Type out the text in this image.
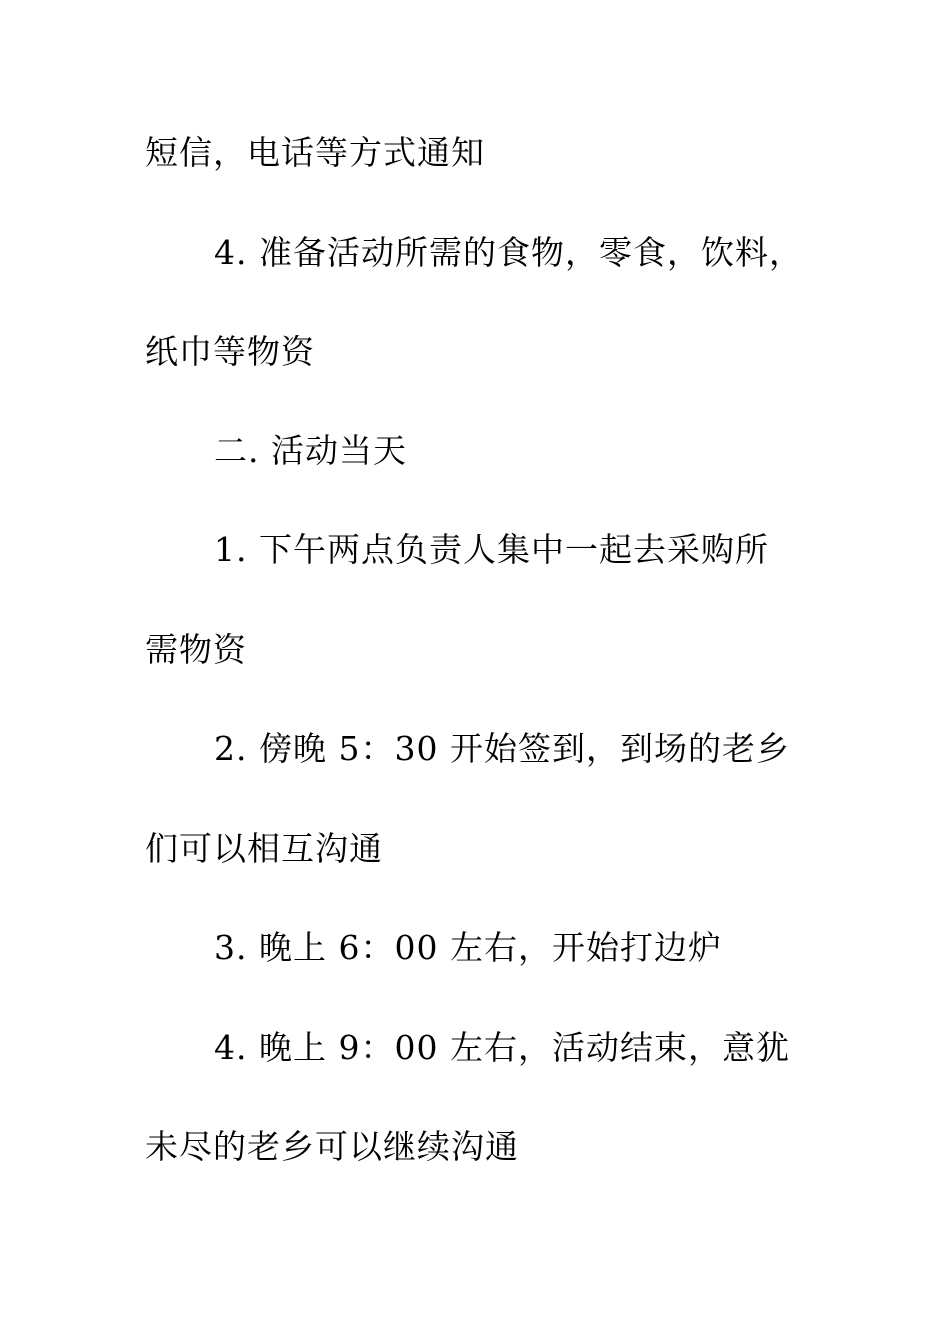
短信，电话等方式通知
4. 准备活动所需的食物，零食，饮料，
纸巾等物资
二. 活动当天
1. 下午两点负责人集中一起去采购所
需物资
2. 傍晚 5：30 开始签到，到场的老乡
们可以相互沟通
3. 晚上 6：00 左右，开始打边炉
4. 晚上 9：00 左右，活动结束，意犹
未尽的老乡可以继续沟通
